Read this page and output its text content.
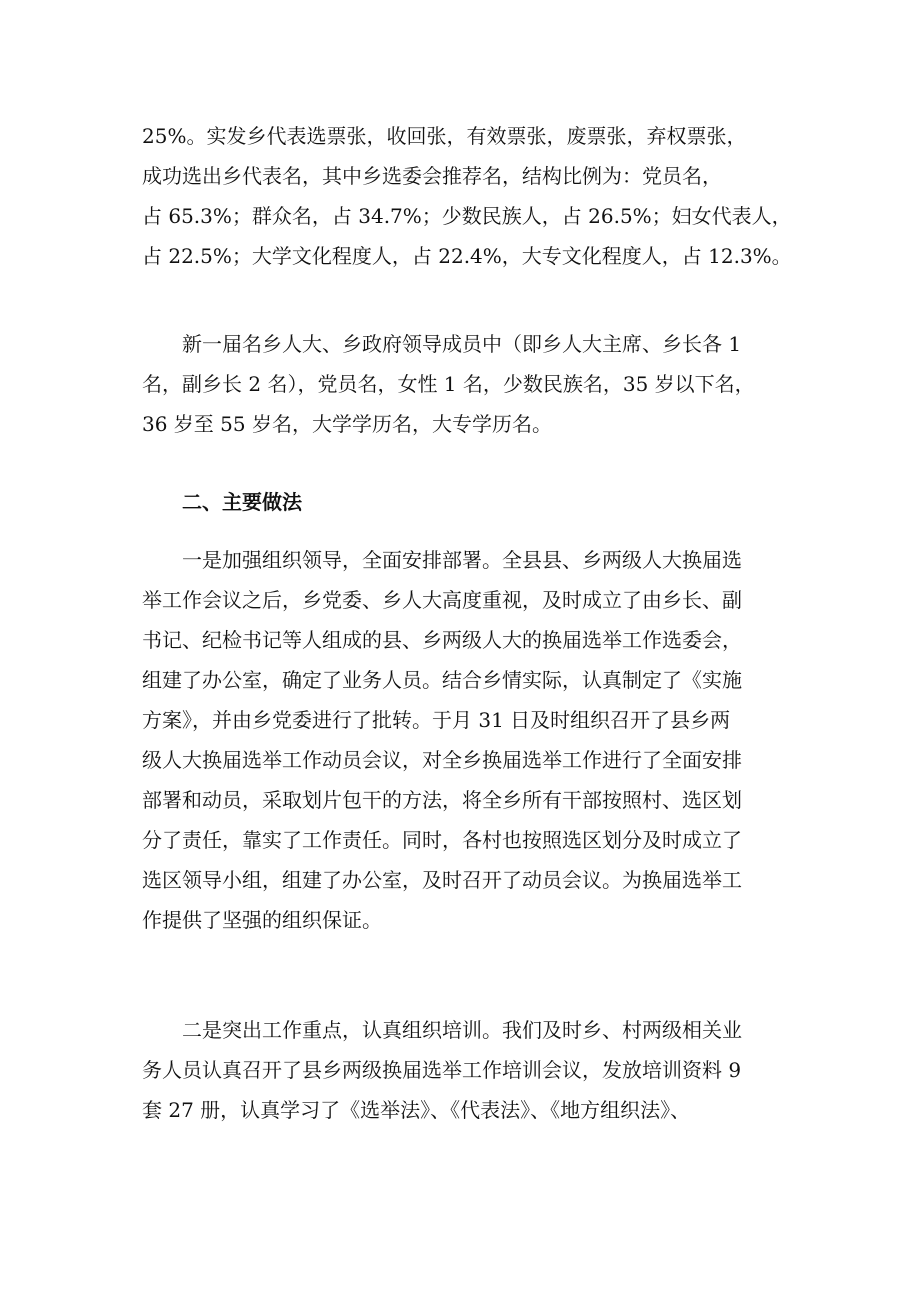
25%。实发乡代表选票张，收回张，有效票张，废票张，弃权票张，
成功选出乡代表名，其中乡选委会推荐名，结构比例为：党员名，
占 65.3%；群众名，占 34.7%；少数民族人，占 26.5%；妇女代表人，
占 22.5%；大学文化程度人，占 22.4%，大专文化程度人，占 12.3%。
新一届名乡人大、乡政府领导成员中（即乡人大主席、乡长各 1
名，副乡长 2 名），党员名，女性 1 名，少数民族名，35 岁以下名，
36 岁至 55 岁名，大学学历名，大专学历名。
二、主要做法
一是加强组织领导，全面安排部署。全县县、乡两级人大换届选
举工作会议之后，乡党委、乡人大高度重视，及时成立了由乡长、副
书记、纪检书记等人组成的县、乡两级人大的换届选举工作选委会，
组建了办公室，确定了业务人员。结合乡情实际，认真制定了《实施
方案》，并由乡党委进行了批转。于月 31 日及时组织召开了县乡两
级人大换届选举工作动员会议，对全乡换届选举工作进行了全面安排
部署和动员，采取划片包干的方法，将全乡所有干部按照村、选区划
分了责任，靠实了工作责任。同时，各村也按照选区划分及时成立了
选区领导小组，组建了办公室，及时召开了动员会议。为换届选举工
作提供了坚强的组织保证。
二是突出工作重点，认真组织培训。我们及时乡、村两级相关业
务人员认真召开了县乡两级换届选举工作培训会议，发放培训资料 9
套 27 册，认真学习了《选举法》、《代表法》、《地方组织法》、
